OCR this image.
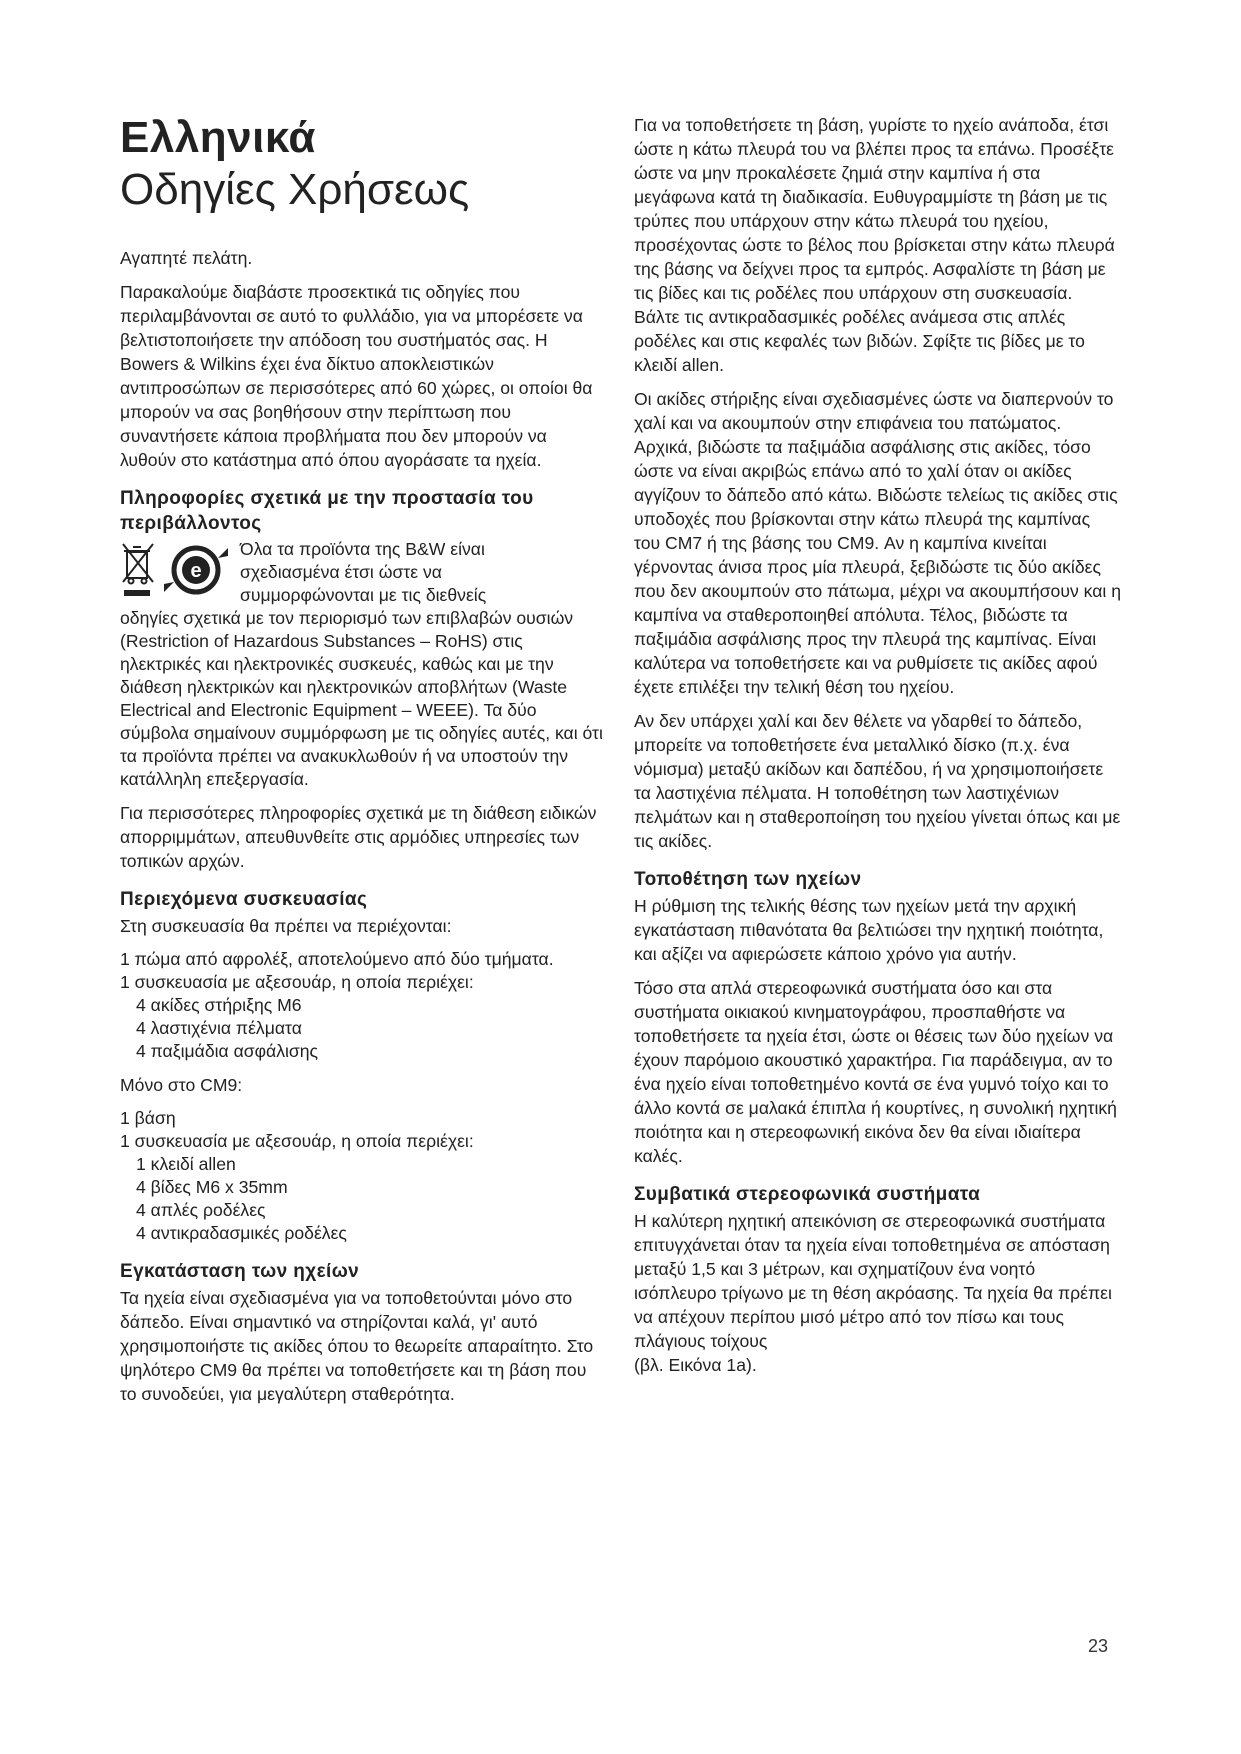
Ελληνικά
Οδηγίες Χρήσεως

Αγαπητέ πελάτη.

Παρακαλούμε διαβάστε προσεκτικά τις οδηγίες που περιλαμβάνονται σε αυτό το φυλλάδιο, για να μπορέσετε να βελτιστοποιήσετε την απόδοση του συστήματός σας. Η Bowers & Wilkins έχει ένα δίκτυο αποκλειστικών αντιπροσώπων σε περισσότερες από 60 χώρες, οι οποίοι θα μπορούν να σας βοηθήσουν στην περίπτωση που συναντήσετε κάποια προβλήματα που δεν μπορούν να λυθούν στο κατάστημα από όπου αγοράσατε τα ηχεία.

Πληροφορίες σχετικά με την προστασία του περιβάλλοντος
e

Όλα τα προϊόντα της B&W είναι

σχεδιασμένα έτσι ώστε να

συμμορφώνονται με τις διεθνείς

οδηγίες σχετικά με τον περιορισμό των επιβλαβών ουσιών (Restriction of Hazardous Substances – RoHS) στις ηλεκτρικές και ηλεκτρονικές συσκευές, καθώς και με την διάθεση ηλεκτρικών και ηλεκτρονικών αποβλήτων (Waste Electrical and Electronic Equipment – WEEE). Τα δύο σύμβολα σημαίνουν συμμόρφωση με τις οδηγίες αυτές, και ότι τα προϊόντα πρέπει να ανακυκλωθούν ή να υποστούν την κατάλληλη επεξεργασία.

Για περισσότερες πληροφορίες σχετικά με τη διάθεση ειδικών απορριμμάτων, απευθυνθείτε στις αρμόδιες υπηρεσίες των τοπικών αρχών.

Περιεχόμενα συσκευασίας

Στη συσκευασία θα πρέπει να περιέχονται:

1 πώμα από αφρολέξ, αποτελούμενο από δύο τμήματα.
1 συσκευασία με αξεσουάρ, η οποία περιέχει:
4 ακίδες στήριξης M6
4 λαστιχένια πέλματα
4 παξιμάδια ασφάλισης

Μόνο στο CM9:

1 βάση
1 συσκευασία με αξεσουάρ, η οποία περιέχει:
1 κλειδί allen
4 βίδες M6 x 35mm
4 απλές ροδέλες
4 αντικραδασμικές ροδέλες
Εγκατάσταση των ηχείων

Τα ηχεία είναι σχεδιασμένα για να τοποθετούνται μόνο στο δάπεδο. Είναι σημαντικό να στηρίζονται καλά, γι' αυτό χρησιμοποιήστε τις ακίδες όπου το θεωρείτε απαραίτητο. Στο ψηλότερο CM9 θα πρέπει να τοποθετήσετε και τη βάση που το συνοδεύει, για μεγαλύτερη σταθερότητα.

Για να τοποθετήσετε τη βάση, γυρίστε το ηχείο ανάποδα, έτσι ώστε η κάτω πλευρά του να βλέπει προς τα επάνω. Προσέξτε ώστε να μην προκαλέσετε ζημιά στην καμπίνα ή στα μεγάφωνα κατά τη διαδικασία. Ευθυγραμμίστε τη βάση με τις τρύπες που υπάρχουν στην κάτω πλευρά του ηχείου, προσέχοντας ώστε το βέλος που βρίσκεται στην κάτω πλευρά της βάσης να δείχνει προς τα εμπρός. Ασφαλίστε τη βάση με τις βίδες και τις ροδέλες που υπάρχουν στη συσκευασία. Βάλτε τις αντικραδασμικές ροδέλες ανάμεσα στις απλές ροδέλες και στις κεφαλές των βιδών. Σφίξτε τις βίδες με το κλειδί allen.

Οι ακίδες στήριξης είναι σχεδιασμένες ώστε να διαπερνούν το χαλί και να ακουμπούν στην επιφάνεια του πατώματος. Αρχικά, βιδώστε τα παξιμάδια ασφάλισης στις ακίδες, τόσο ώστε να είναι ακριβώς επάνω από το χαλί όταν οι ακίδες αγγίζουν το δάπεδο από κάτω. Βιδώστε τελείως τις ακίδες στις υποδοχές που βρίσκονται στην κάτω πλευρά της καμπίνας του CM7 ή της βάσης του CM9. Αν η καμπίνα κινείται γέρνοντας άνισα προς μία πλευρά, ξεβιδώστε τις δύο ακίδες που δεν ακουμπούν στο πάτωμα, μέχρι να ακουμπήσουν και η καμπίνα να σταθεροποιηθεί απόλυτα. Τέλος, βιδώστε τα παξιμάδια ασφάλισης προς την πλευρά της καμπίνας. Είναι καλύτερα να τοποθετήσετε και να ρυθμίσετε τις ακίδες αφού έχετε επιλέξει την τελική θέση του ηχείου.

Αν δεν υπάρχει χαλί και δεν θέλετε να γδαρθεί το δάπεδο, μπορείτε να τοποθετήσετε ένα μεταλλικό δίσκο (π.χ. ένα νόμισμα) μεταξύ ακίδων και δαπέδου, ή να χρησιμοποιήσετε τα λαστιχένια πέλματα. Η τοποθέτηση των λαστιχένιων πελμάτων και η σταθεροποίηση του ηχείου γίνεται όπως και με τις ακίδες.

Τοποθέτηση των ηχείων

Η ρύθμιση της τελικής θέσης των ηχείων μετά την αρχική εγκατάσταση πιθανότατα θα βελτιώσει την ηχητική ποιότητα, και αξίζει να αφιερώσετε κάποιο χρόνο για αυτήν.

Τόσο στα απλά στερεοφωνικά συστήματα όσο και στα συστήματα οικιακού κινηματογράφου, προσπαθήστε να τοποθετήσετε τα ηχεία έτσι, ώστε οι θέσεις των δύο ηχείων να έχουν παρόμοιο ακουστικό χαρακτήρα. Για παράδειγμα, αν το ένα ηχείο είναι τοποθετημένο κοντά σε ένα γυμνό τοίχο και το άλλο κοντά σε μαλακά έπιπλα ή κουρτίνες, η συνολική ηχητική ποιότητα και η στερεοφωνική εικόνα δεν θα είναι ιδιαίτερα καλές.

Συμβατικά στερεοφωνικά συστήματα

Η καλύτερη ηχητική απεικόνιση σε στερεοφωνικά συστήματα επιτυγχάνεται όταν τα ηχεία είναι τοποθετημένα σε απόσταση μεταξύ 1,5 και 3 μέτρων, και σχηματίζουν ένα νοητό ισόπλευρο τρίγωνο με τη θέση ακρόασης. Τα ηχεία θα πρέπει να απέχουν περίπου μισό μέτρο από τον πίσω και τους πλάγιους τοίχους

(βλ. Εικόνα 1a).

23
